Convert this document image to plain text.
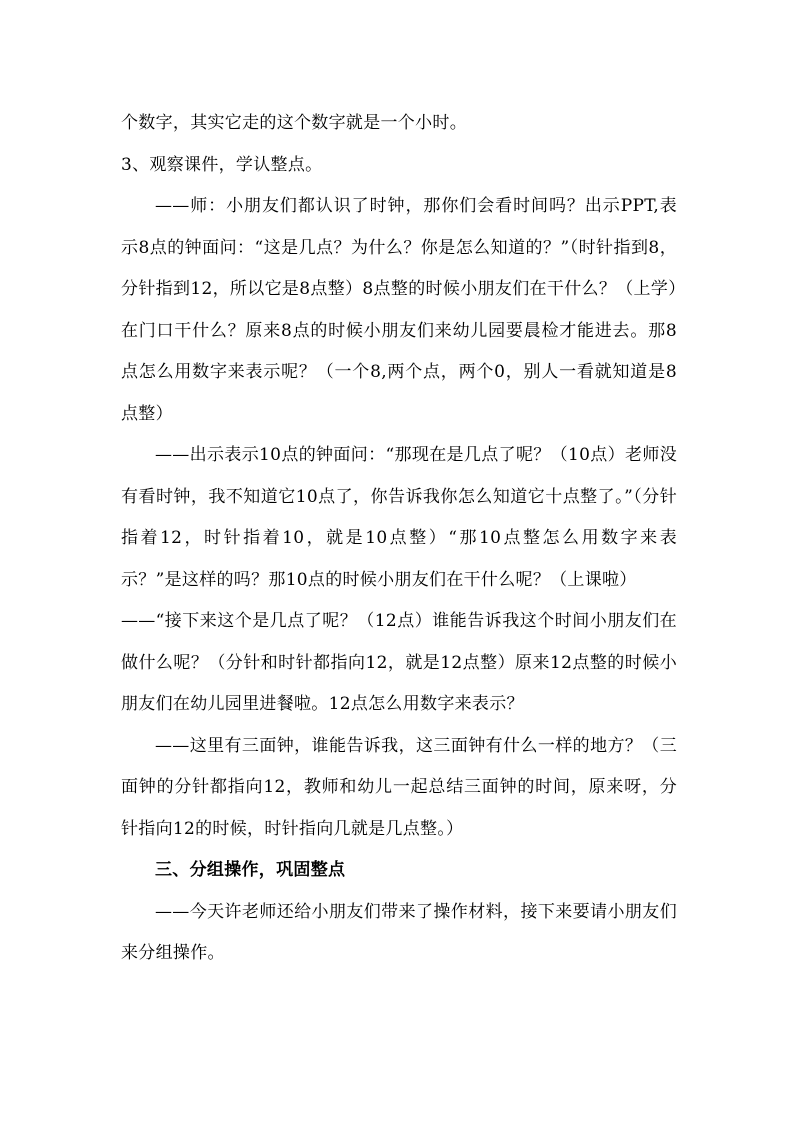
个数字，其实它走的这个数字就是一个小时。

3、观察课件，学认整点。

——师：小朋友们都认识了时钟，那你们会看时间吗？出示PPT,表示8点的钟面问：“这是几点？为什么？你是怎么知道的？”（时针指到8，分针指到12，所以它是8点整）8点整的时候小朋友们在干什么？（上学）在门口干什么？原来8点的时候小朋友们来幼儿园要晨检才能进去。那8点怎么用数字来表示呢？（一个8,两个点，两个0，别人一看就知道是8点整）

——出示表示10点的钟面问：“那现在是几点了呢？（10点）老师没有看时钟，我不知道它10点了，你告诉我你怎么知道它十点整了。”（分针指着12，时针指着10，就是10点整）“那10点整怎么用数字来表示？”是这样的吗？那10点的时候小朋友们在干什么呢？（上课啦）

——“接下来这个是几点了呢？（12点）谁能告诉我这个时间小朋友们在做什么呢？（分针和时针都指向12，就是12点整）原来12点整的时候小朋友们在幼儿园里进餐啦。12点怎么用数字来表示？

——这里有三面钟，谁能告诉我，这三面钟有什么一样的地方？（三面钟的分针都指向12，教师和幼儿一起总结三面钟的时间，原来呀，分针指向12的时候，时针指向几就是几点整。）

三、分组操作，巩固整点

——今天许老师还给小朋友们带来了操作材料，接下来要请小朋友们来分组操作。
